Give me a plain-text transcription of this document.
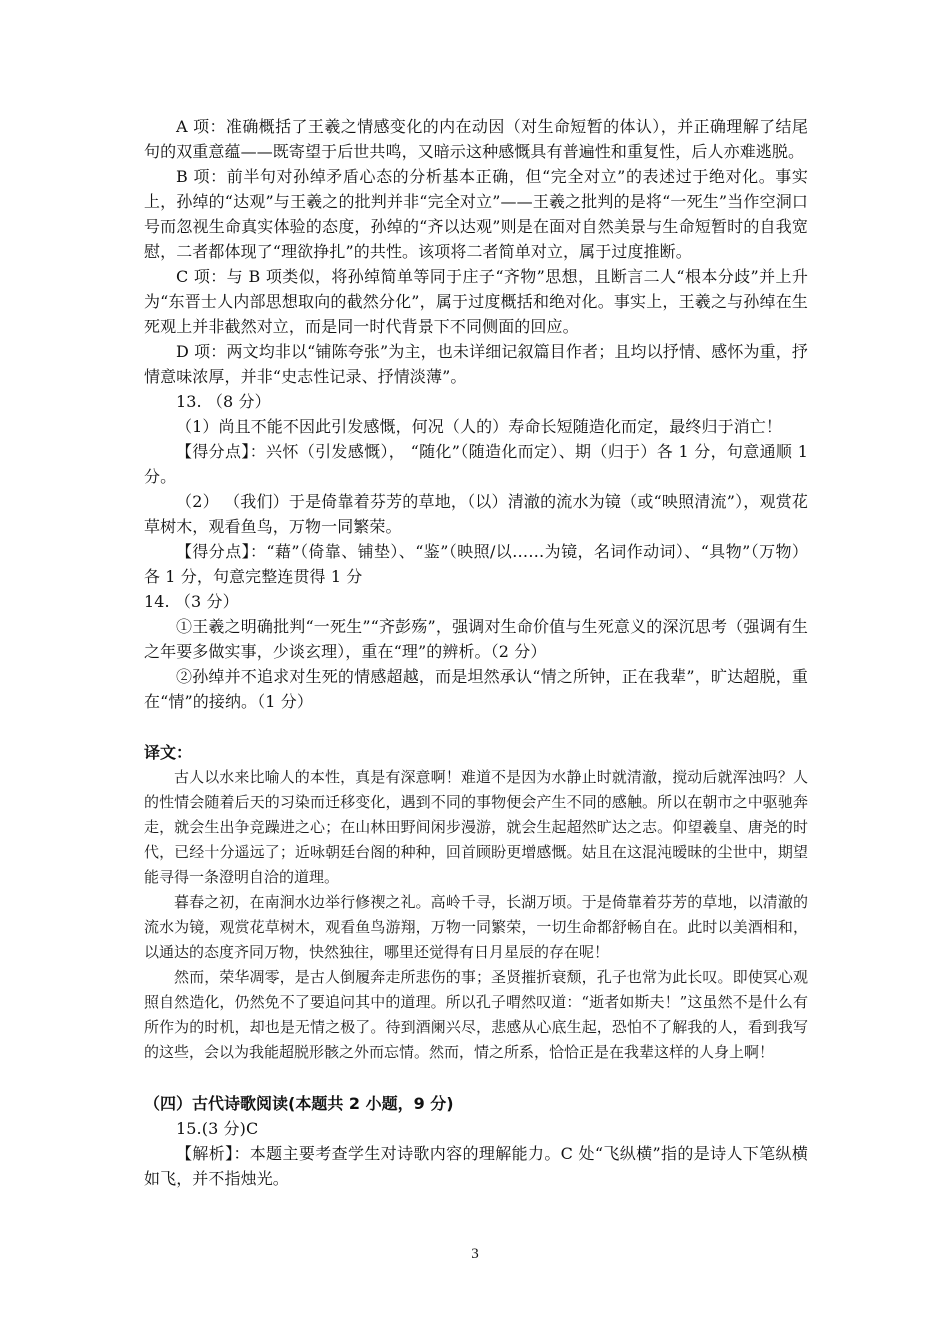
A 项：准确概括了王羲之情感变化的内在动因（对生命短暂的体认），并正确理解了结尾句的双重意蕴——既寄望于后世共鸣，又暗示这种感慨具有普遍性和重复性，后人亦难逃脱。

B 项：前半句对孙绰矛盾心态的分析基本正确，但“完全对立”的表述过于绝对化。事实上，孙绰的“达观”与王羲之的批判并非“完全对立”——王羲之批判的是将“一死生”当作空洞口号而忽视生命真实体验的态度，孙绰的“齐以达观”则是在面对自然美景与生命短暂时的自我宽慰，二者都体现了“理欲挣扎”的共性。该项将二者简单对立，属于过度推断。

C 项：与 B 项类似，将孙绰简单等同于庄子“齐物”思想，且断言二人“根本分歧”并上升为“东晋士人内部思想取向的截然分化”，属于过度概括和绝对化。事实上，王羲之与孙绰在生死观上并非截然对立，而是同一时代背景下不同侧面的回应。

D 项：两文均非以“铺陈夸张”为主，也未详细记叙篇目作者；且均以抒情、感怀为重，抒情意味浓厚，并非“史志性记录、抒情淡薄”。

13. （8 分）

（1）尚且不能不因此引发感慨，何况（人的）寿命长短随造化而定，最终归于消亡！

【得分点】：兴怀（引发感慨）， “随化”（随造化而定）、期（归于）各 1 分，句意通顺 1 分。

（2） （我们）于是倚靠着芬芳的草地，（以）清澈的流水为镜（或“映照清流”），观赏花草树木，观看鱼鸟，万物一同繁荣。

【得分点】：“藉”（倚靠、铺垫）、“鉴”（映照/以……为镜，名词作动词）、“具物”（万物）各 1 分，句意完整连贯得 1 分

14. （3 分）

①王羲之明确批判“一死生”“齐彭殇”，强调对生命价值与生死意义的深沉思考（强调有生之年要多做实事，少谈玄理），重在“理”的辨析。（2 分）

②孙绰并不追求对生死的情感超越，而是坦然承认“情之所钟，正在我辈”，旷达超脱，重在“情”的接纳。（1 分）

译文：

古人以水来比喻人的本性，真是有深意啊！难道不是因为水静止时就清澈，搅动后就浑浊吗？人的性情会随着后天的习染而迁移变化，遇到不同的事物便会产生不同的感触。所以在朝市之中驱驰奔走，就会生出争竞躁进之心；在山林田野间闲步漫游，就会生起超然旷达之志。仰望羲皇、唐尧的时代，已经十分遥远了；近咏朝廷台阁的种种，回首顾盼更增感慨。姑且在这混沌暧昧的尘世中，期望能寻得一条澄明自洽的道理。

暮春之初，在南涧水边举行修禊之礼。高岭千寻，长湖万顷。于是倚靠着芬芳的草地，以清澈的流水为镜，观赏花草树木，观看鱼鸟游翔，万物一同繁荣，一切生命都舒畅自在。此时以美酒相和，以通达的态度齐同万物，快然独往，哪里还觉得有日月星辰的存在呢！

然而，荣华凋零，是古人倒履奔走所悲伤的事；圣贤摧折衰颓，孔子也常为此长叹。即使冥心观照自然造化，仍然免不了要追问其中的道理。所以孔子喟然叹道：“逝者如斯夫！”这虽然不是什么有所作为的时机，却也是无情之极了。待到酒阑兴尽，悲感从心底生起，恐怕不了解我的人，看到我写的这些，会以为我能超脱形骸之外而忘情。然而，情之所系，恰恰正是在我辈这样的人身上啊！

（四）古代诗歌阅读(本题共 2 小题，9 分)

15.(3 分)C

【解析】：本题主要考查学生对诗歌内容的理解能力。C 处“飞纵横”指的是诗人下笔纵横如飞，并不指烛光。

3
